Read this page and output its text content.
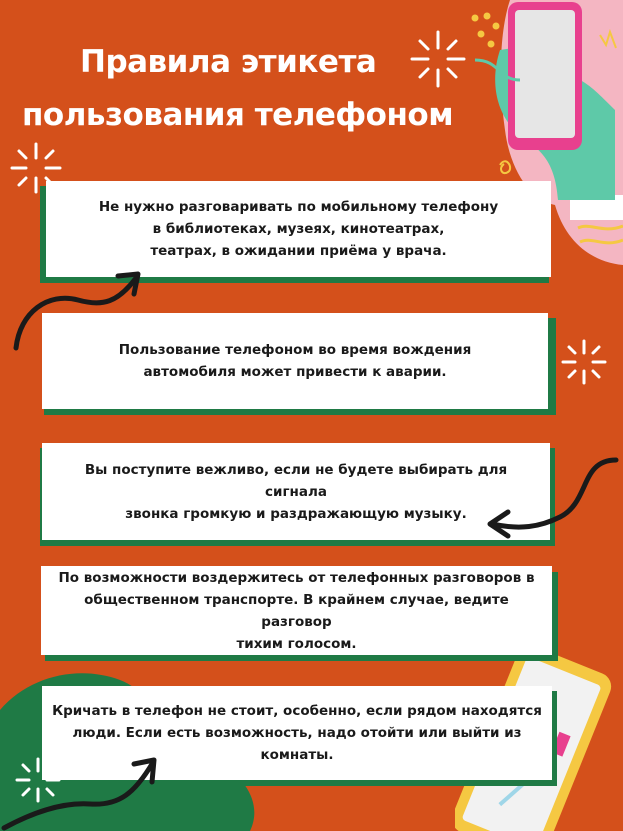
Правила этикета
пользования телефоном
Не нужно разговаривать по мобильному телефону
в библиотеках, музеях, кинотеатрах,
театрах, в ожидании приёма у врача.
Пользование телефоном во время вождения
автомобиля может привести к аварии.
Вы поступите вежливо, если не будете выбирать для сигнала
звонка громкую и раздражающую музыку.
По возможности воздержитесь от телефонных разговоров в
общественном транспорте. В крайнем случае, ведите разговор
тихим голосом.
Кричать в телефон не стоит, особенно, если рядом находятся
люди. Если есть возможность, надо отойти или выйти из
комнаты.
